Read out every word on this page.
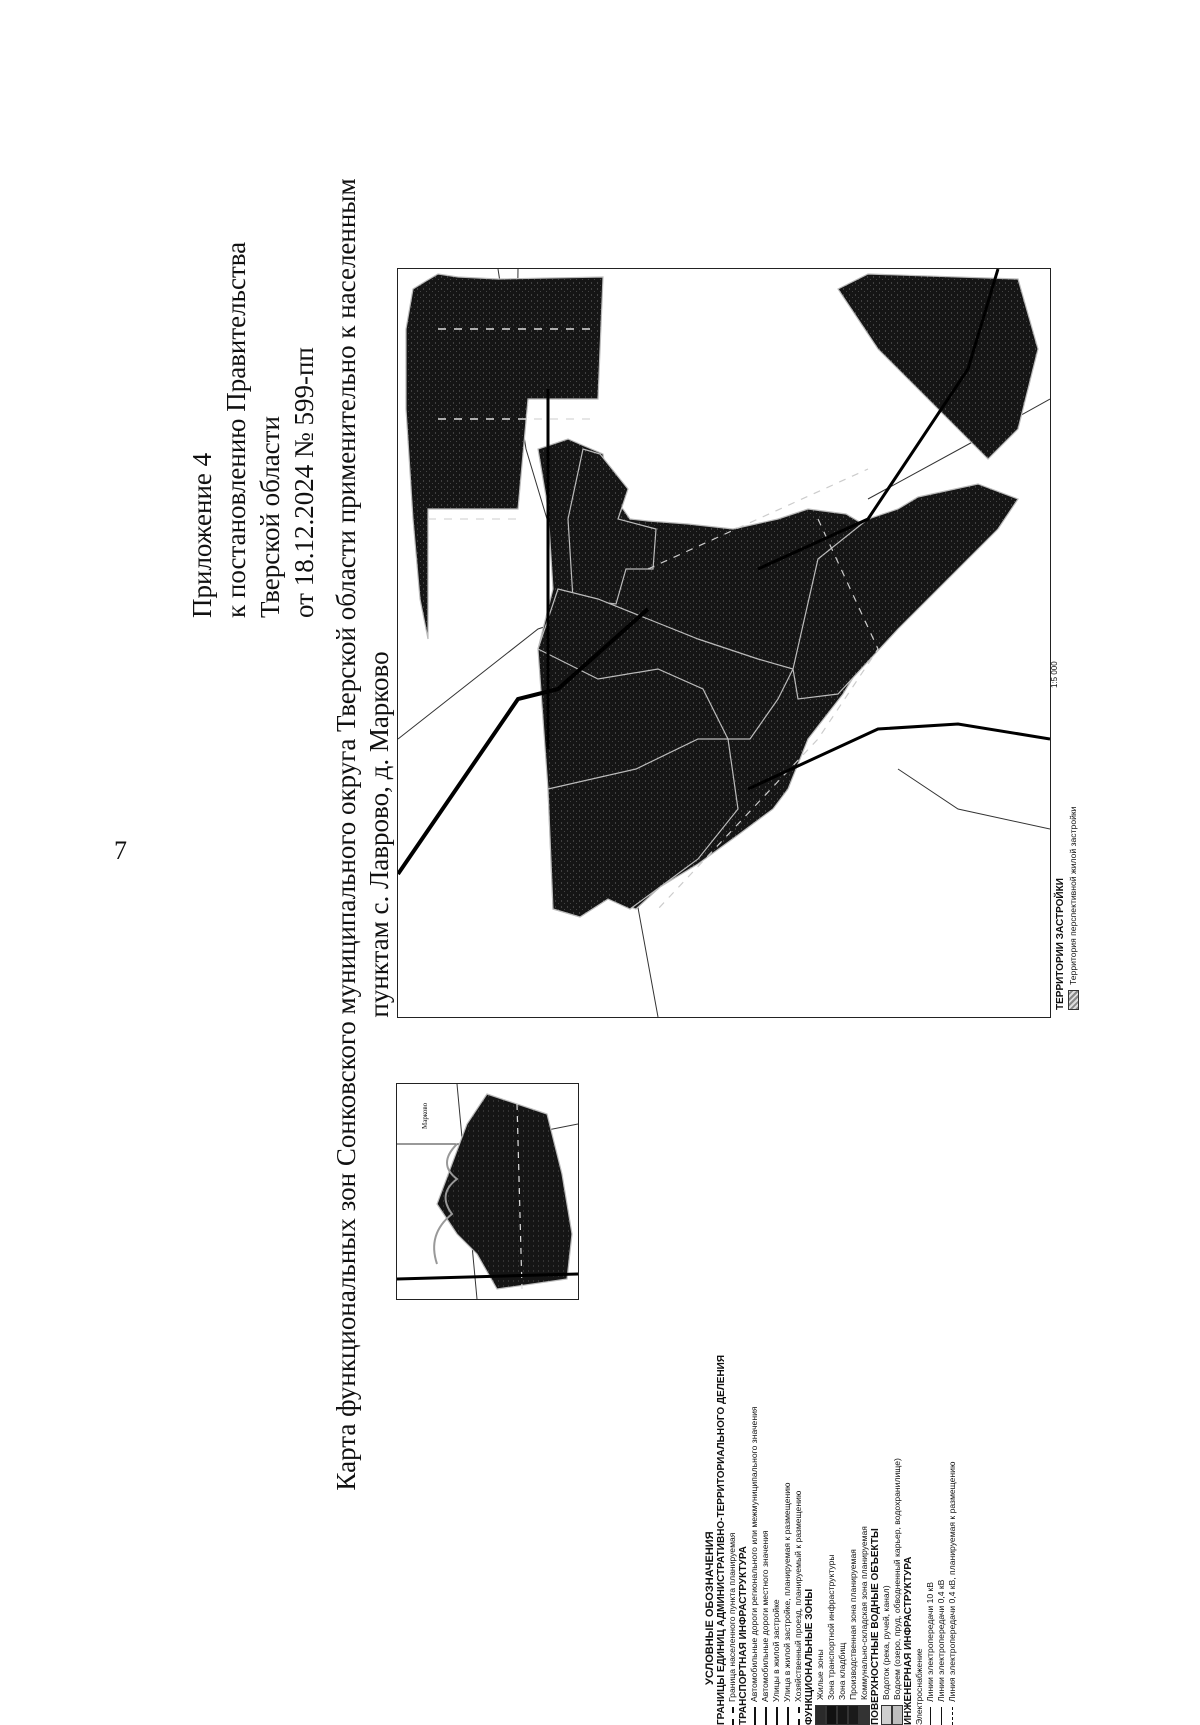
7
Приложение 4 к постановлению Правительства Тверской области от 18.12.2024 № 599-пп Карта функциональных зон Сонковского муниципального округа Тверской области применительно к населенным пунктам с. Лаврово, д. Марково
с. Лаврово
1:5 000
Марково
УСЛОВНЫЕ ОБОЗНАЧЕНИЯ ГРАНИЦЫ ЕДИНИЦ АДМИНИСТРАТИВНО-ТЕРРИТОРИАЛЬНОГО ДЕЛЕНИЯ Граница населенного пункта планируемая ТРАНСПОРТНАЯ ИНФРАСТРУКТУРА Автомобильные дороги регионального или межмуниципального значения Автомобильные дороги местного значения Улицы в жилой застройке Улица в жилой застройке, планируемая к размещению Хозяйственный проезд, планируемый к размещению ФУНКЦИОНАЛЬНЫЕ ЗОНЫ Жилые зоны Зона транспортной инфраструктуры Зона кладбищ Производственная зона планируемая Коммунально-складская зона планируемая ПОВЕРХНОСТНЫЕ ВОДНЫЕ ОБЪЕКТЫ Водоток (река, ручей, канал) Водоем (озеро, пруд, обводненный карьер, водохранилище) ИНЖЕНЕРНАЯ ИНФРАСТРУКТУРА Электроснабжение Линии электропередачи 10 кВ Линии электропередачи 0,4 кВ Линия электропередачи 0,4 кВ, планируемая к размещению
ТЕРРИТОРИИ ЗАСТРОЙКИ Территория перспективной жилой застройки
